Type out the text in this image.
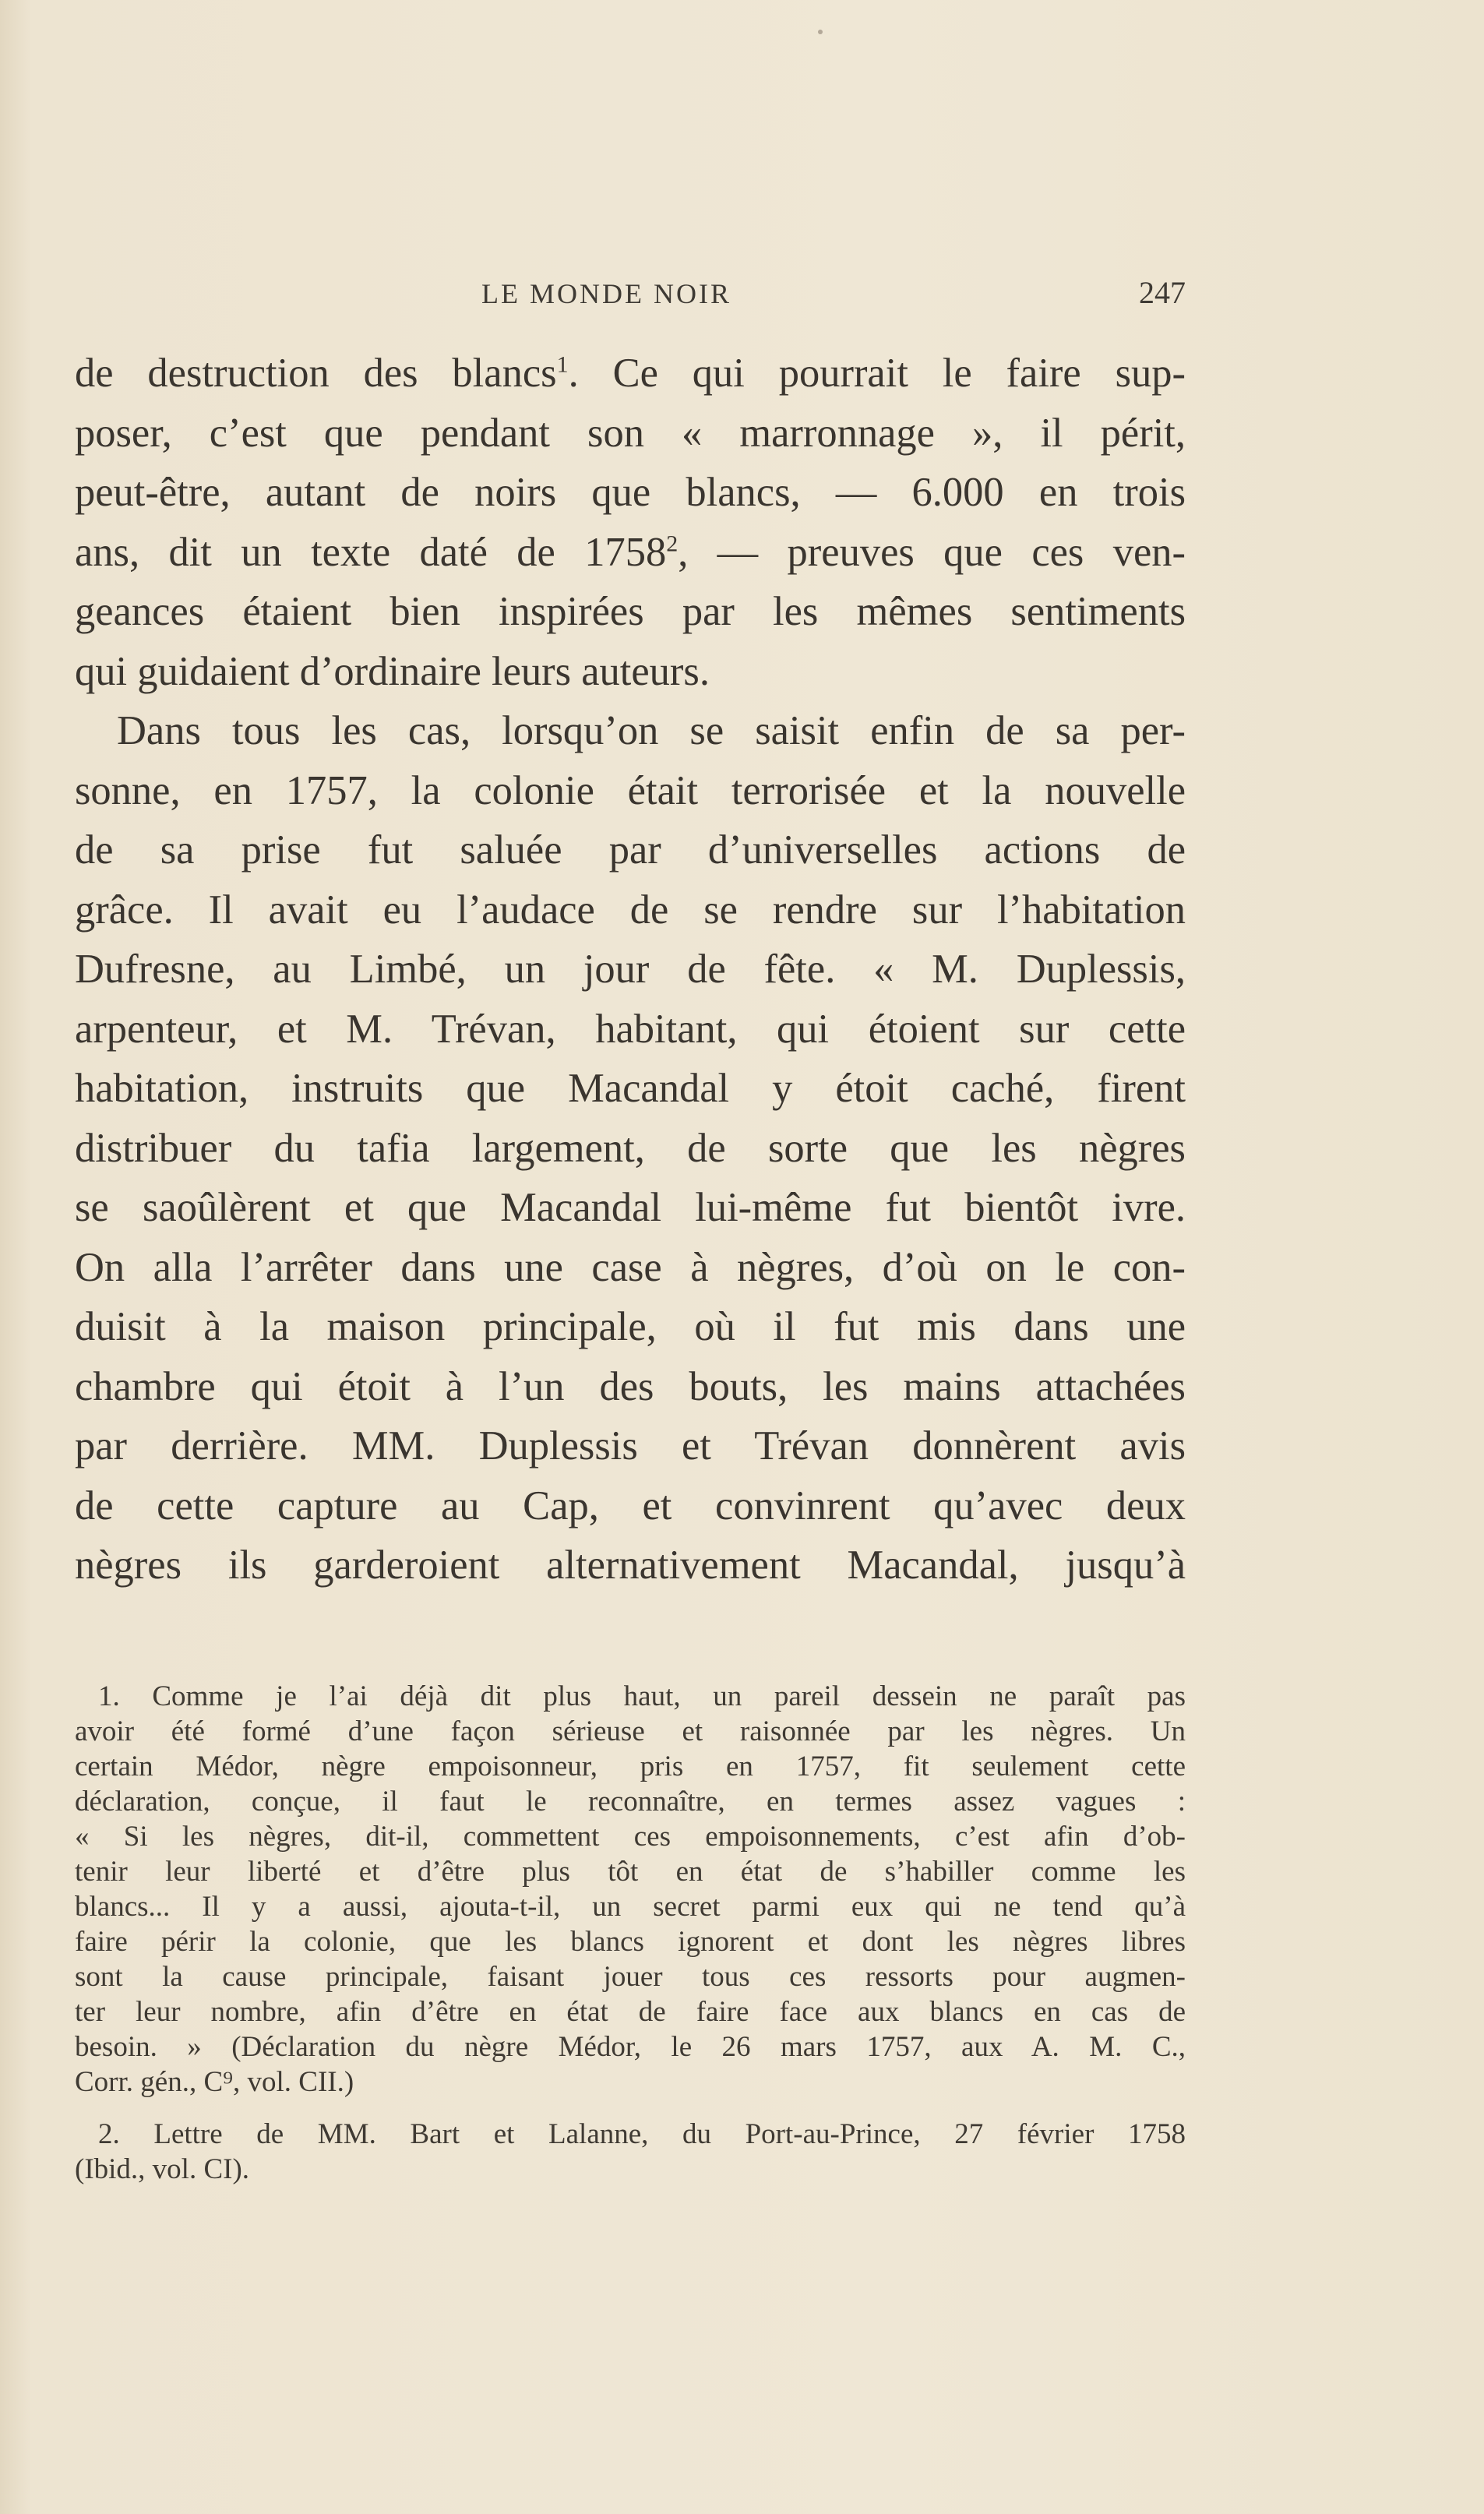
LE MONDE NOIR	247
de destruction des blancs$^1$. Ce qui pourrait le faire sup-
poser, c’est que pendant son « marronnage », il périt,
peut-être, autant de noirs que blancs, — 6.000 en trois
ans, dit un texte daté de 1758$^2$, — preuves que ces ven-
geances étaient bien inspirées par les mêmes sentiments
qui guidaient d’ordinaire leurs auteurs.
Dans tous les cas, lorsqu’on se saisit enfin de sa per-
sonne, en 1757, la colonie était terrorisée et la nouvelle
de sa prise fut saluée par d’universelles actions de
grâce. Il avait eu l’audace de se rendre sur l’habitation
Dufresne, au Limbé, un jour de fête. « M. Duplessis,
arpenteur, et M. Trévan, habitant, qui étoient sur cette
habitation, instruits que Macandal y étoit caché, firent
distribuer du tafia largement, de sorte que les nègres
se saoûlèrent et que Macandal lui-même fut bientôt ivre.
On alla l’arrêter dans une case à nègres, d’où on le con-
duisit à la maison principale, où il fut mis dans une
chambre qui étoit à l’un des bouts, les mains attachées
par derrière. MM. Duplessis et Trévan donnèrent avis
de cette capture au Cap, et convinrent qu’avec deux
nègres ils garderoient alternativement Macandal, jusqu’à
1. Comme je l’ai déjà dit plus haut, un pareil dessein ne paraît pas
avoir été formé d’une façon sérieuse et raisonnée par les nègres. Un
certain Médor, nègre empoisonneur, pris en 1757, fit seulement cette
déclaration, conçue, il faut le reconnaître, en termes assez vagues :
« Si les nègres, dit-il, commettent ces empoisonnements, c’est afin d’ob-
tenir leur liberté et d’être plus tôt en état de s’habiller comme les
blancs... Il y a aussi, ajouta-t-il, un secret parmi eux qui ne tend qu’à
faire périr la colonie, que les blancs ignorent et dont les nègres libres
sont la cause principale, faisant jouer tous ces ressorts pour augmen-
ter leur nombre, afin d’être en état de faire face aux blancs en cas de
besoin. » (Déclaration du nègre Médor, le 26 mars 1757, aux A. M. C.,
Corr. gén., C⁹, vol. CII.)
2. Lettre de MM. Bart et Lalanne, du Port-au-Prince, 27 février 1758
(Ibid., vol. CI).
